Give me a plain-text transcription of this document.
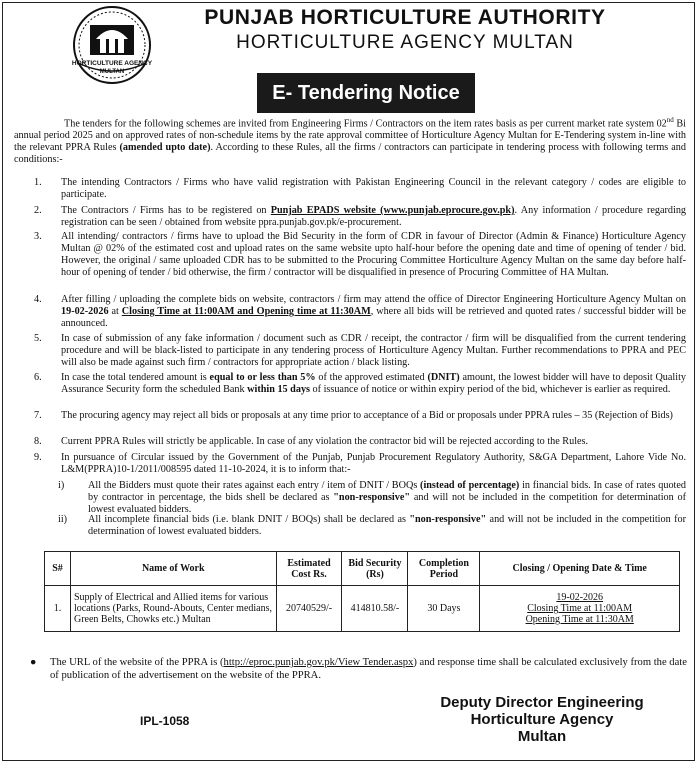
HORTICULTURE AGENCY
MULTAN
PUNJAB HORTICULTURE AUTHORITY
HORTICULTURE AGENCY MULTAN
E- Tendering Notice
The tenders for the following schemes are invited from Engineering Firms / Contractors on the item rates basis as per current market rate system 02nd Bi annual period 2025 and on approved rates of non-schedule items by the rate approval committee of Horticulture Agency Multan for E-Tendering system in-line with the relevant PPRA Rules (amended upto date). According to these Rules, all the firms / contractors can participate in tendering process with following terms and conditions:-
1.	The intending Contractors / Firms who have valid registration with Pakistan Engineering Council in the relevant category / codes are eligible to participate.
2.	The Contractors / Firms has to be registered on Punjab EPADS website (www.punjab.eprocure.gov.pk). Any information / procedure regarding registration can be seen / obtained from website ppra.punjab.gov.pk/e-procurement.
3.	All intending/ contractors / firms have to upload the Bid Security in the form of CDR in favour of Director (Admin & Finance) Horticulture Agency Multan @ 02% of the estimated cost and upload rates on the same website upto half-hour before the opening date and time of opening of tender / bid. However, the original / same uploaded CDR has to be submitted to the Procuring Committee Horticulture Agency Multan on the same day before half-hour of opening of tender / bid otherwise, the firm / contractor will be disqualified in presence of Procuring Committee of HA Multan.
4.	After filling / uploading the complete bids on website, contractors / firm may attend the office of Director Engineering Horticulture Agency Multan on 19-02-2026 at Closing Time at 11:00AM and Opening time at 11:30AM, where all bids will be retrieved and quoted rates / successful bidder will be announced.
5.	In case of submission of any fake information / document such as CDR / receipt, the contractor / firm will be disqualified from the current tendering procedure and will be black-listed to participate in any tendering process of Horticulture Agency Multan. Further recommendations to PPRA and PEC will also be made against such firm / contractors for appropriate action / black listing.
6.	In case the total tendered amount is equal to or less than 5% of the approved estimated (DNIT) amount, the lowest bidder will have to deposit Quality Assurance Security form the scheduled Bank within 15 days of issuance of notice or within expiry period of the bid, whichever is earlier as required.
7.	The procuring agency may reject all bids or proposals at any time prior to acceptance of a Bid or proposals under PPRA rules – 35 (Rejection of Bids)
8.	Current PPRA Rules will strictly be applicable. In case of any violation the contractor bid will be rejected according to the Rules.
9.	In pursuance of Circular issued by the Government of the Punjab, Punjab Procurement Regulatory Authority, S&GA Department, Lahore Vide No. L&M(PPRA)10-1/2011/008595 dated 11-10-2024, it is to inform that:-
i) All the Bidders must quote their rates against each entry / item of DNIT / BOQs (instead of percentage) in financial bids. In case of rates quoted by contractor in percentage, the bids shell be declared as "non-responsive" and will not be included in the competition for determination of lowest evaluated bidders.
ii) All incomplete financial bids (i.e. blank DNIT / BOQs) shall be declared as "non-responsive" and will not be included in the competition for determination of lowest evaluated bidders.
S#	Name of Work	Estimated Cost Rs.	Bid Security (Rs)	Completion Period	Closing / Opening Date & Time
1.	Supply of Electrical and Allied items for various locations (Parks, Round-Abouts, Center medians, Green Belts, Chowks etc.) Multan	20740529/-	414810.58/-	30 Days	19-02-2026
Closing Time at 11:00AM
Opening Time at 11:30AM
● The URL of the website of the PPRA is (http://eproc.punjab.gov.pk/View Tender.aspx) and response time shall be calculated exclusively from the date of publication of the advertisement on the website of the PPRA.
IPL-1058
Deputy Director Engineering
Horticulture Agency
Multan
